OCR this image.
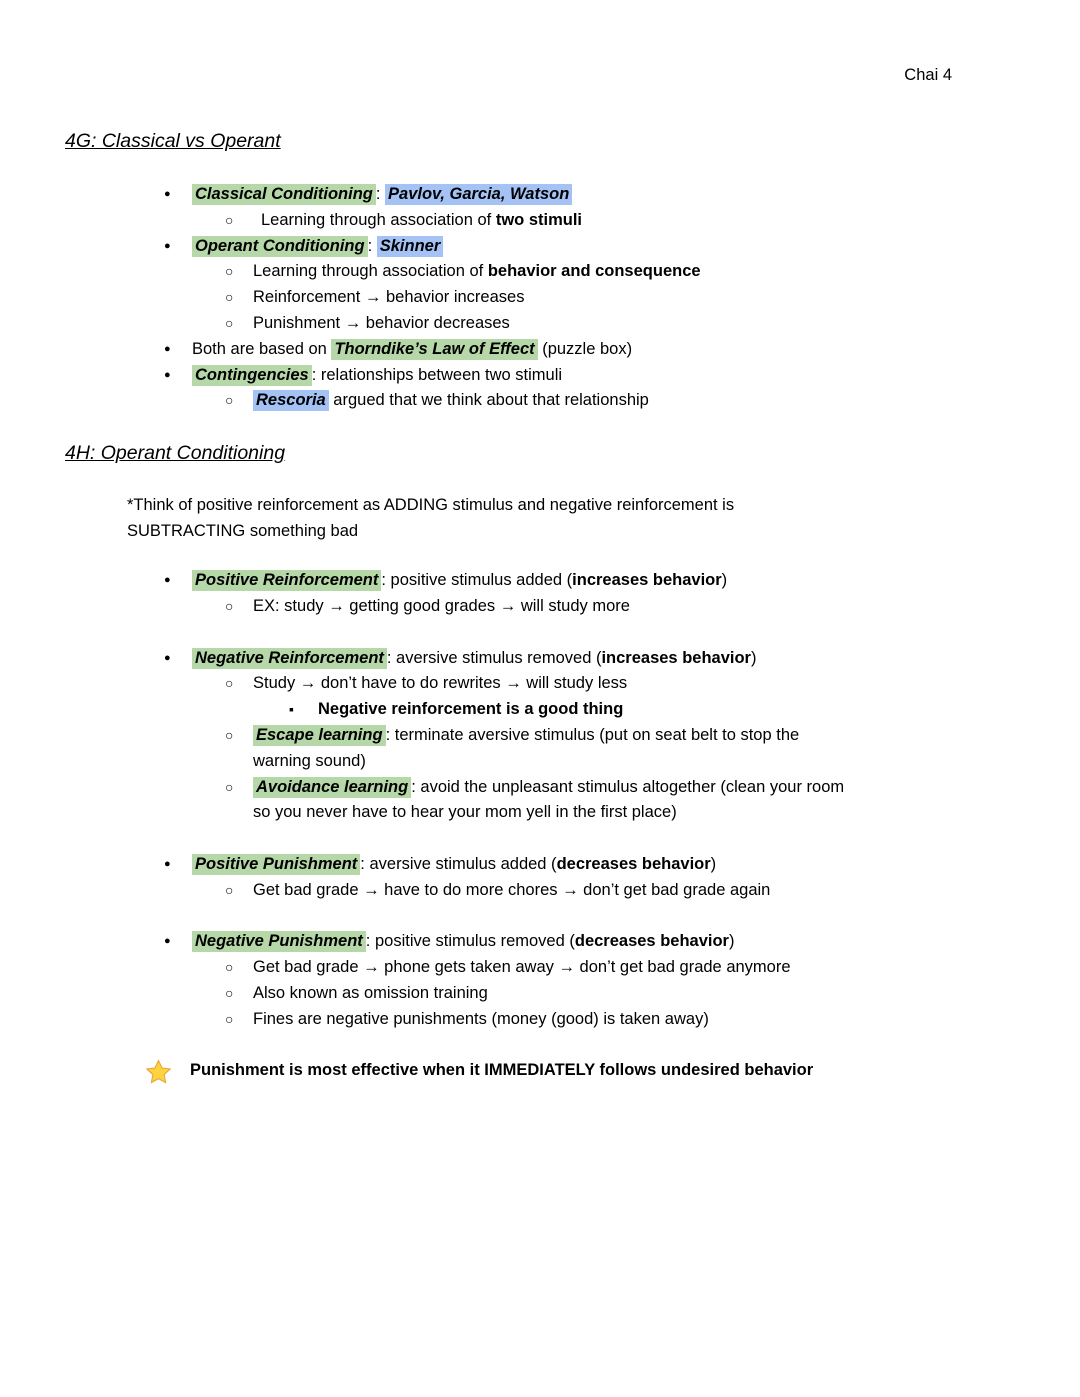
Chai 4
4G: Classical vs Operant
● Classical Conditioning : Pavlov, Garcia, Watson
○ Learning through association of two stimuli
● Operant Conditioning : Skinner
○ Learning through association of behavior and consequence
○ Reinforcement → behavior increases
○ Punishment → behavior decreases
● Both are based on Thorndike’s Law of Effect (puzzle box)
● Contingencies : relationships between two stimuli
○ Rescoria argued that we think about that relationship
4H: Operant Conditioning
*Think of positive reinforcement as ADDING stimulus and negative reinforcement is
SUBTRACTING something bad
● Positive Reinforcement : positive stimulus added (increases behavior)
○ EX: study → getting good grades → will study more
● Negative Reinforcement : aversive stimulus removed (increases behavior)
○ Study → don’t have to do rewrites → will study less
▪ Negative reinforcement is a good thing
○ Escape learning : terminate aversive stimulus (put on seat belt to stop the
warning sound)
○ Avoidance learning : avoid the unpleasant stimulus altogether (clean your room
so you never have to hear your mom yell in the first place)
● Positive Punishment : aversive stimulus added (decreases behavior)
○ Get bad grade → have to do more chores → don’t get bad grade again
● Negative Punishment : positive stimulus removed (decreases behavior)
○ Get bad grade → phone gets taken away → don’t get bad grade anymore
○ Also known as omission training
○ Fines are negative punishments (money (good) is taken away)
Punishment is most effective when it IMMEDIATELY follows undesired behavior
